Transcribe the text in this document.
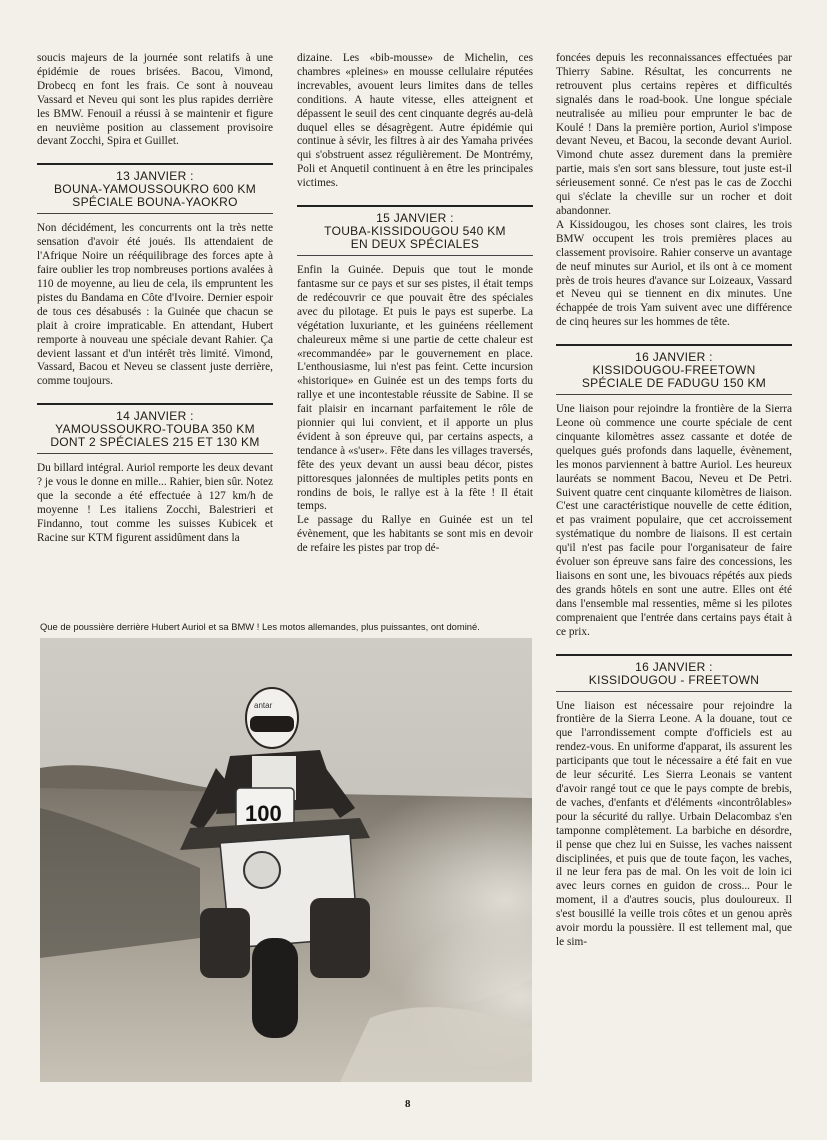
soucis majeurs de la journée sont relatifs à une épidémie de roues brisées. Bacou, Vimond, Drobecq en font les frais. Ce sont à nouveau Vassard et Neveu qui sont les plus rapides derrière les BMW. Fenouil a réussi à se maintenir et figure en neuvième position au classement provisoire devant Zocchi, Spira et Guillet.

13 JANVIER :
BOUNA-YAMOUSSOUKRO 600 KM
SPÉCIALE BOUNA-YAOKRO

Non décidément, les concurrents ont la très nette sensation d'avoir été joués. Ils attendaient de l'Afrique Noire un rééquilibrage des forces apte à faire oublier les trop nombreuses portions avalées à 110 de moyenne, au lieu de cela, ils empruntent les pistes du Bandama en Côte d'Ivoire. Dernier espoir de tous ces désabusés : la Guinée que chacun se plait à croire impraticable. En attendant, Hubert remporte à nouveau une spéciale devant Rahier. Ça devient lassant et d'un intérêt très limité. Vimond, Vassard, Bacou et Neveu se classent juste derrière, comme toujours.

14 JANVIER :
YAMOUSSOUKRO-TOUBA 350 KM
DONT 2 SPÉCIALES 215 ET 130 KM

Du billard intégral. Auriol remporte les deux devant ? je vous le donne en mille... Rahier, bien sûr. Notez que la seconde a été effectuée à 127 km/h de moyenne ! Les italiens Zocchi, Balestrieri et Findanno, tout comme les suisses Kubicek et Racine sur KTM figurent assidûment dans la

dizaine. Les «bib-mousse» de Michelin, ces chambres «pleines» en mousse cellulaire réputées increvables, avouent leurs limites dans de telles conditions. A haute vitesse, elles atteignent et dépassent le seuil des cent cinquante degrés au-delà duquel elles se désagrègent. Autre épidémie qui continue à sévir, les filtres à air des Yamaha privées qui s'obstruent assez régulièrement. De Montrémy, Poli et Anquetil continuent à en être les principales victimes.

15 JANVIER :
TOUBA-KISSIDOUGOU 540 KM
EN DEUX SPÉCIALES

Enfin la Guinée. Depuis que tout le monde fantasme sur ce pays et sur ses pistes, il était temps de redécouvrir ce que pouvait être des spéciales avec du pilotage. Et puis le pays est superbe. La végétation luxuriante, et les guinéens réellement chaleureux même si une partie de cette chaleur est «recommandée» par le gouvernement en place. L'enthousiasme, lui n'est pas feint. Cette incursion «historique» en Guinée est un des temps forts du rallye et une incontestable réussite de Sabine. Il se fait plaisir en incarnant parfaitement le rôle de pionnier qui lui convient, et il apporte un plus évident à son épreuve qui, par certains aspects, a tendance à «s'user». Fête dans les villages traversés, fête des yeux devant un aussi beau décor, pistes pittoresques jalonnées de multiples petits ponts en rondins de bois, le rallye est à la fête ! Il était temps.

Le passage du Rallye en Guinée est un tel évènement, que les habitants se sont mis en devoir de refaire les pistes par trop dé-

foncées depuis les reconnaissances effectuées par Thierry Sabine. Résultat, les concurrents ne retrouvent plus certains repères et difficultés signalés dans le road-book. Une longue spéciale neutralisée au milieu pour emprunter le bac de Koulé ! Dans la première portion, Auriol s'impose devant Neveu, et Bacou, la seconde devant Auriol. Vimond chute assez durement dans la première partie, mais s'en sort sans blessure, tout juste est-il sérieusement sonné. Ce n'est pas le cas de Zocchi qui s'éclate la cheville sur un rocher et doit abandonner.

A Kissidougou, les choses sont claires, les trois BMW occupent les trois premières places au classement provisoire. Rahier conserve un avantage de neuf minutes sur Auriol, et ils ont à ce moment près de trois heures d'avance sur Loizeaux, Vassard et Neveu qui se tiennent en dix minutes. Une échappée de trois Yam suivent avec une différence de cinq heures sur les hommes de tête.

16 JANVIER :
KISSIDOUGOU-FREETOWN
SPÉCIALE DE FADUGU 150 KM

Une liaison pour rejoindre la frontière de la Sierra Leone où commence une courte spéciale de cent cinquante kilomètres assez cassante et dotée de quelques gués profonds dans laquelle, évènement, les monos parviennent à battre Auriol. Les heureux lauréats se nomment Bacou, Neveu et De Petri. Suivent quatre cent cinquante kilomètres de liaison. C'est une caractéristique nouvelle de cette édition, et pas vraiment populaire, que cet accroissement systématique du nombre de liaisons. Il est certain qu'il n'est pas facile pour l'organisateur de faire évoluer son épreuve sans faire des concessions, les liaisons en sont une, les bivouacs répétés aux pieds des grands hôtels en sont une autre. Elles ont été dans l'ensemble mal ressenties, même si les pilotes comprenaient que l'entrée dans certains pays était à ce prix.

16 JANVIER :
KISSIDOUGOU - FREETOWN

Une liaison est nécessaire pour rejoindre la frontière de la Sierra Leone. A la douane, tout ce que l'arrondissement compte d'officiels est au rendez-vous. En uniforme d'apparat, ils assurent les participants que tout le nécessaire a été fait en vue de leur sécurité. Les Sierra Leonais se vantent d'avoir rangé tout ce que le pays compte de brebis, de vaches, d'enfants et d'éléments «incontrôlables» pour la sécurité du rallye. Urbain Delacombaz s'en tamponne complètement. La barbiche en désordre, il pense que chez lui en Suisse, les vaches naissent disciplinées, et puis que de toute façon, les vaches, il ne leur fera pas de mal. On les voit de loin ici avec leurs cornes en guidon de cross... Pour le moment, il a d'autres soucis, plus douloureux. Il s'est bousillé la veille trois côtes et un genou après avoir mordu la poussière. Il est tellement mal, que le sim-

Que de poussière derrière Hubert Auriol et sa BMW ! Les motos allemandes, plus puissantes, ont dominé.
antar
100
8
